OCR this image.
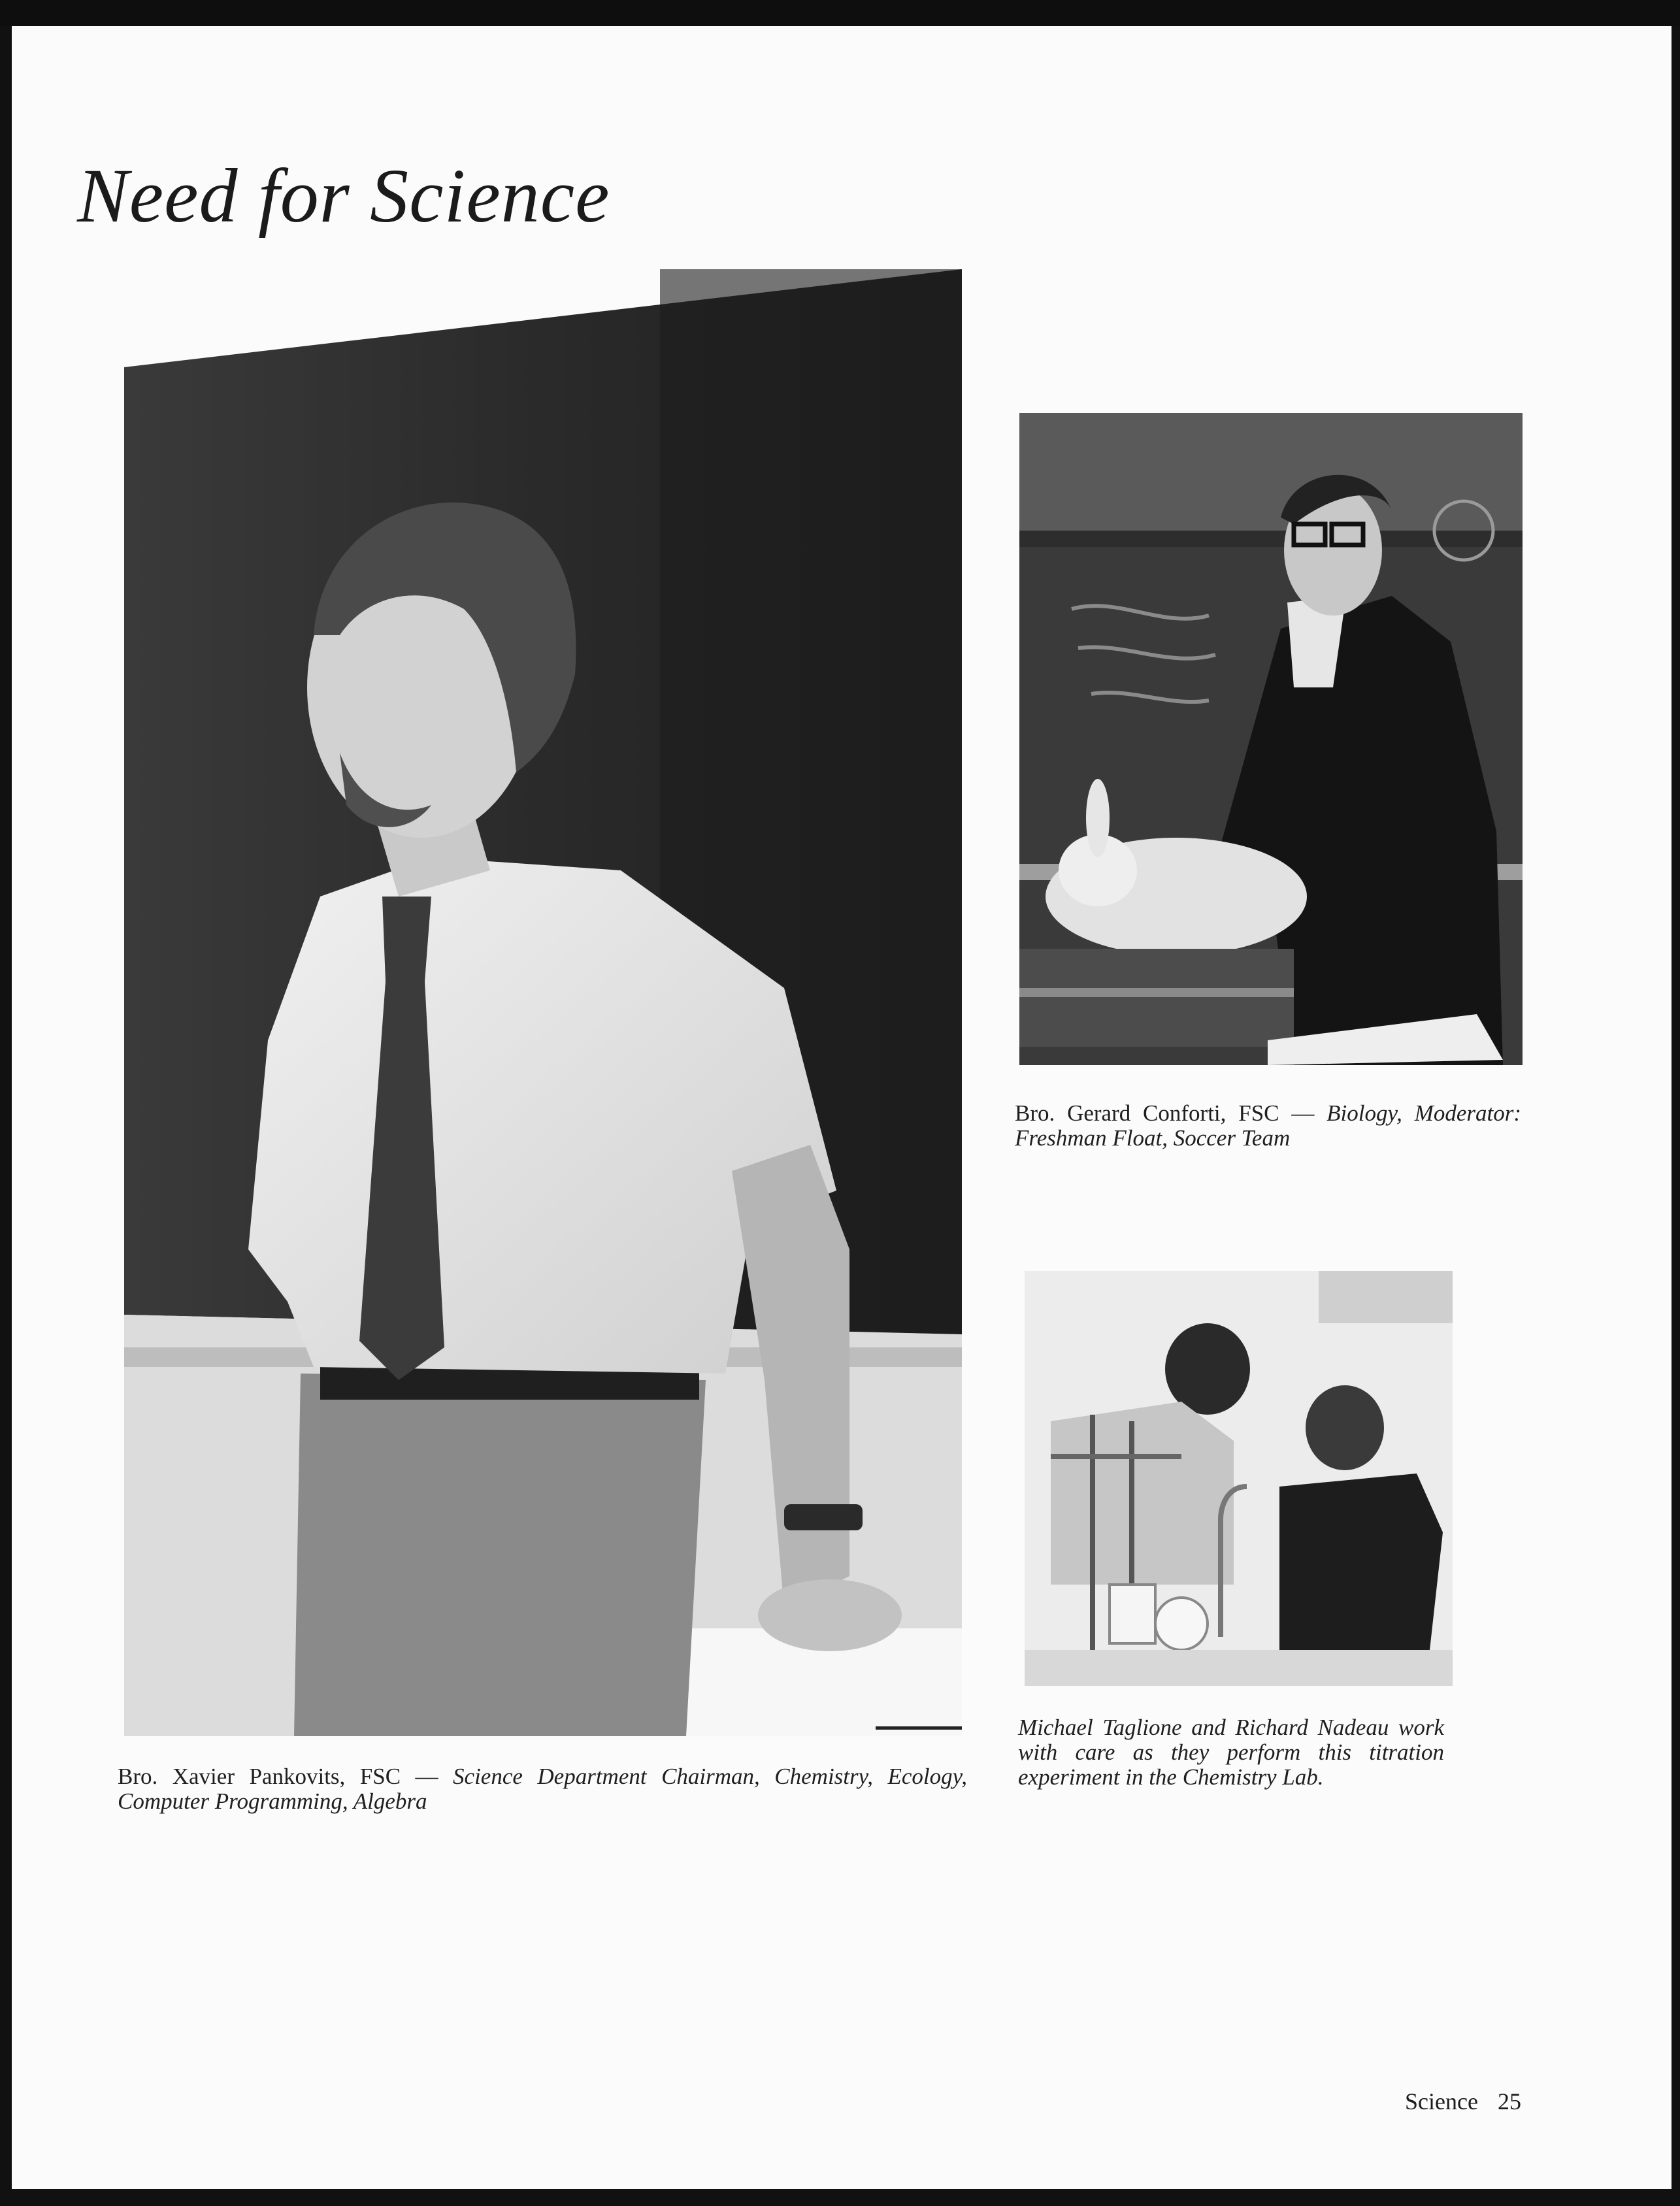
Need for Science

Bro. Xavier Pankovits, FSC — Science Department Chairman, Chemistry, Ecology, Computer Programming, Algebra

Bro. Gerard Conforti, FSC — Biology, Moderator: Freshman Float, Soccer Team

Michael Taglione and Richard Nadeau work with care as they perform this titration experiment in the Chemistry Lab.

Science 25
